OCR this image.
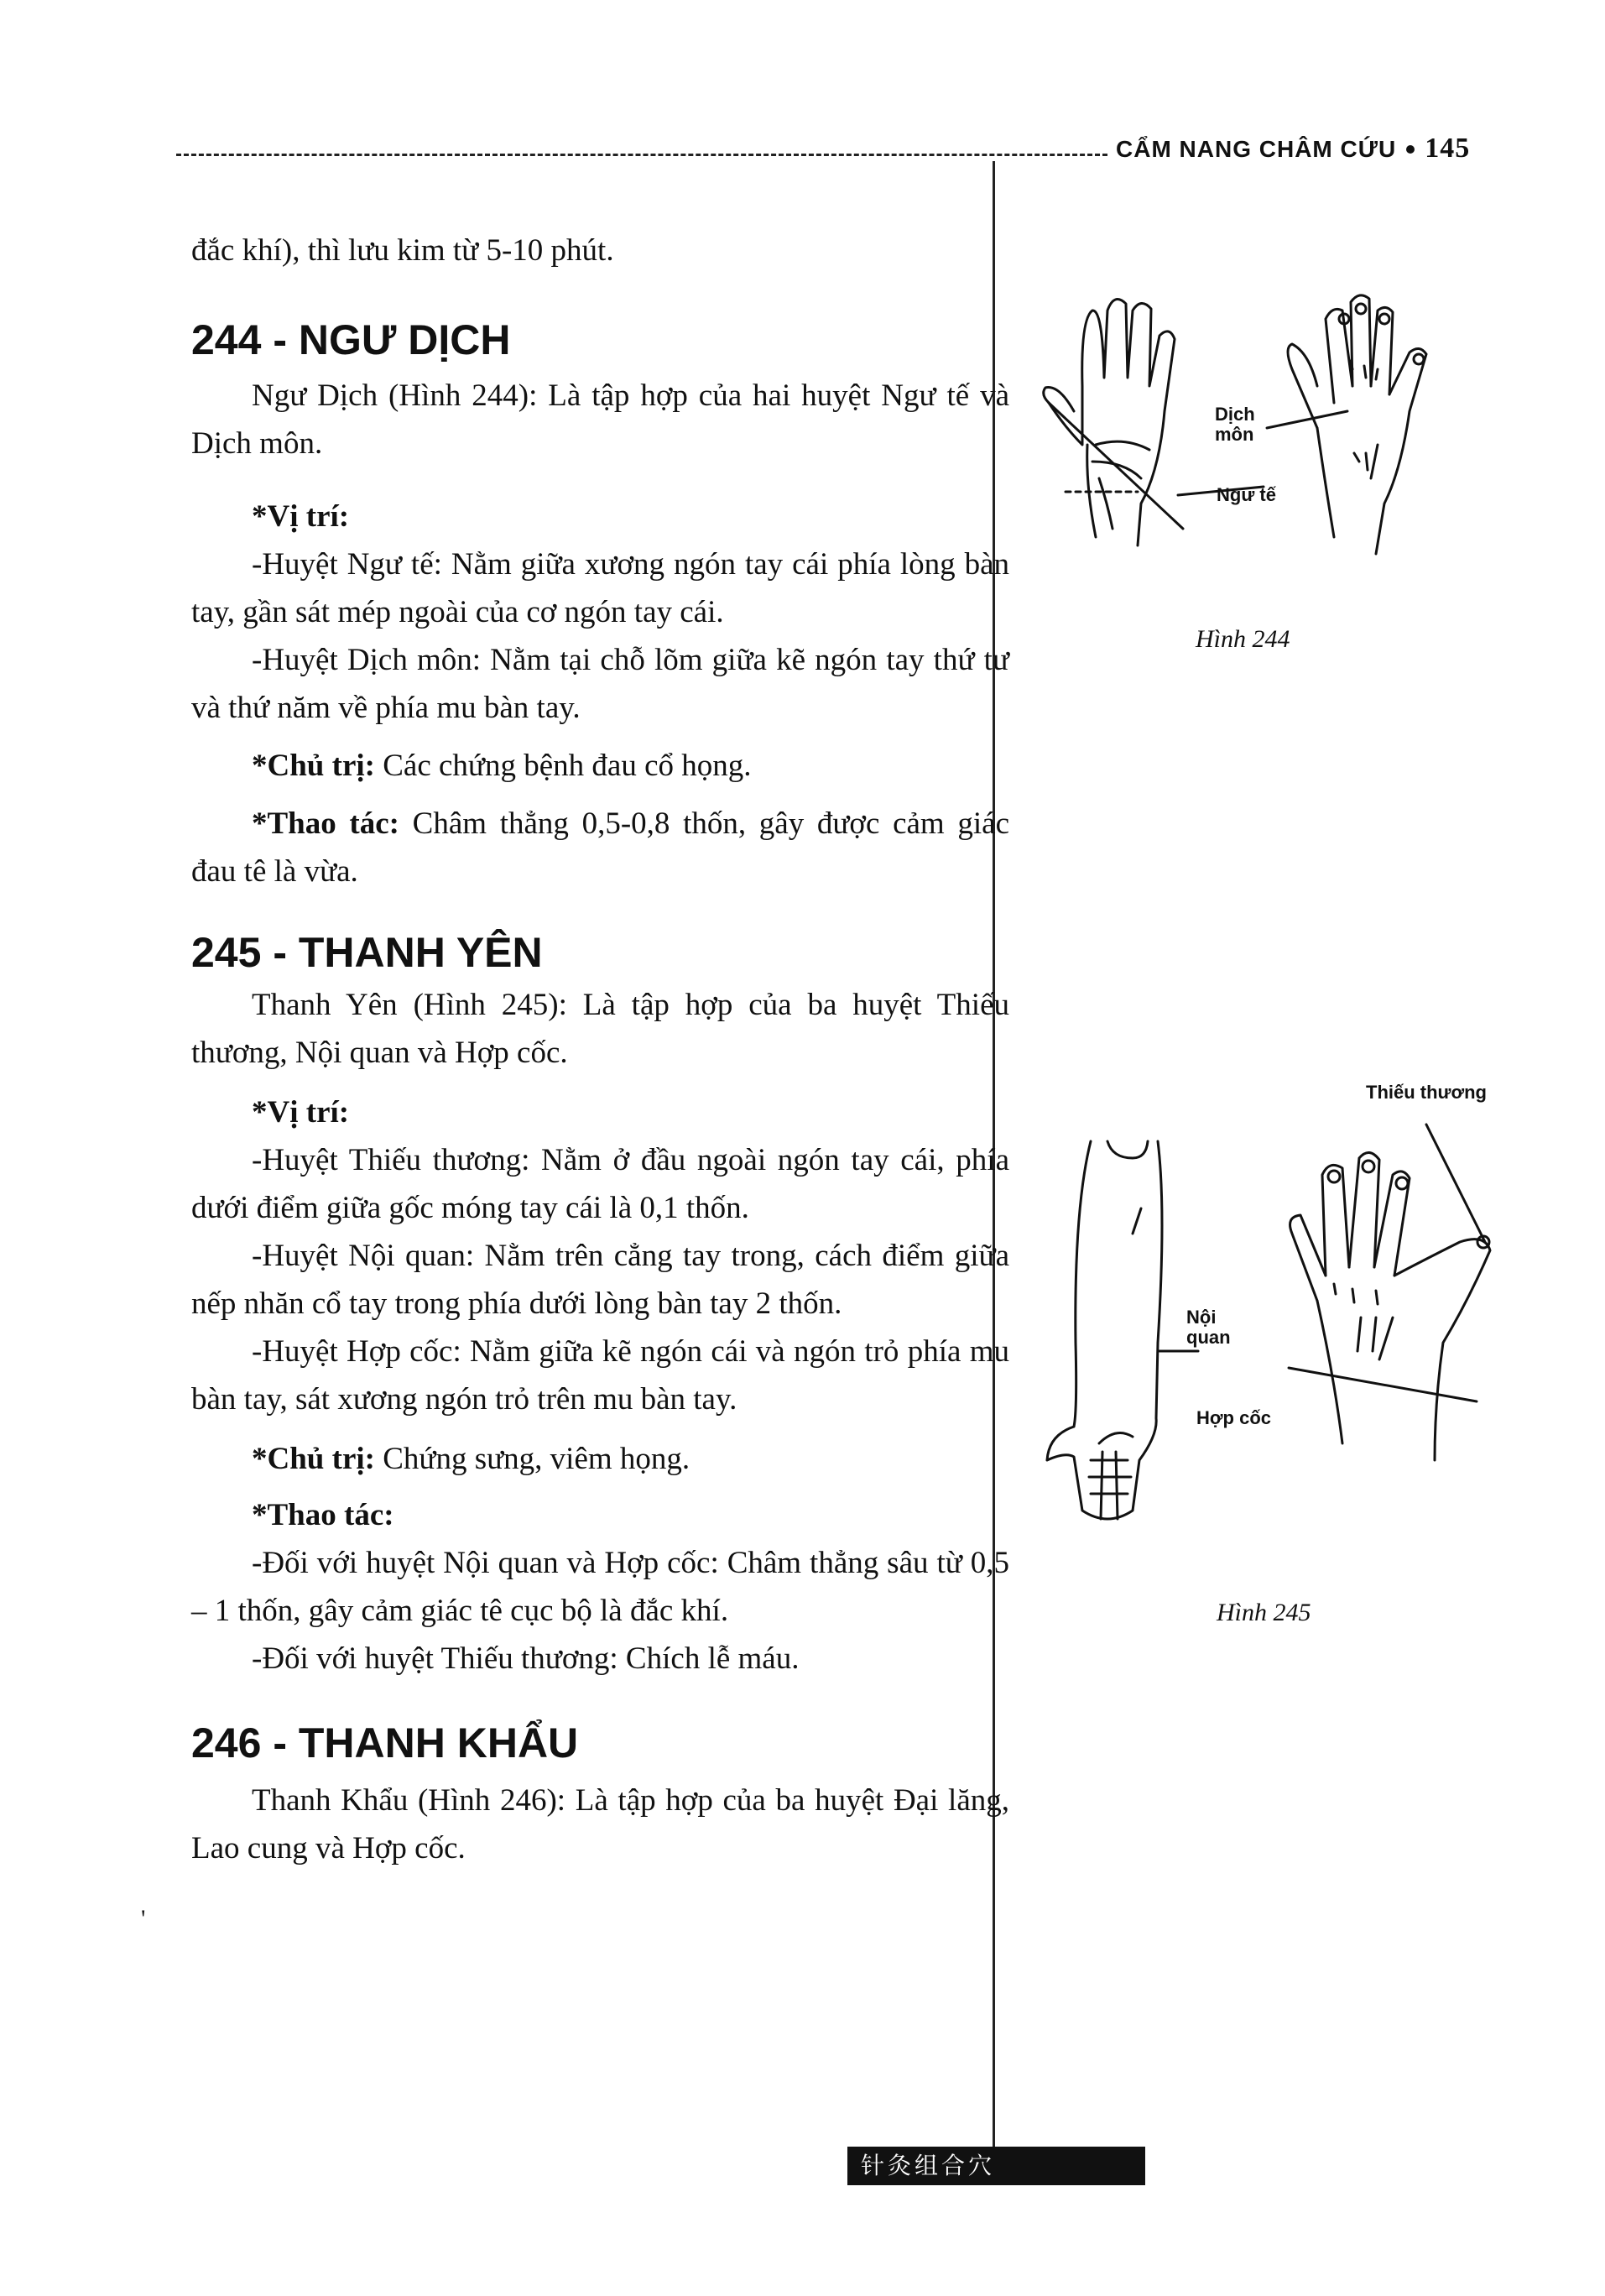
CẨM NANG CHÂM CỨU 145

đắc khí), thì lưu kim từ 5-10 phút.

244 - NGƯ DỊCH

Ngư Dịch (Hình 244): Là tập hợp của hai huyệt Ngư tế và Dịch môn.

*Vị trí:

-Huyệt Ngư tế: Nằm giữa xương ngón tay cái phía lòng bàn tay, gần sát mép ngoài của cơ ngón tay cái.

-Huyệt Dịch môn: Nằm tại chỗ lõm giữa kẽ ngón tay thứ tư và thứ năm về phía mu bàn tay.

*Chủ trị: Các chứng bệnh đau cổ họng.

*Thao tác: Châm thẳng 0,5-0,8 thốn, gây được cảm giác đau tê là vừa.

245 - THANH YÊN

Thanh Yên (Hình 245): Là tập hợp của ba huyệt Thiếu thương, Nội quan và Hợp cốc.

*Vị trí:

-Huyệt Thiếu thương: Nằm ở đầu ngoài ngón tay cái, phía dưới điểm giữa gốc móng tay cái là 0,1 thốn.

-Huyệt Nội quan: Nằm trên cẳng tay trong, cách điểm giữa nếp nhăn cổ tay trong phía dưới lòng bàn tay 2 thốn.

-Huyệt Hợp cốc: Nằm giữa kẽ ngón cái và ngón trỏ phía mu bàn tay, sát xương ngón trỏ trên mu bàn tay.

*Chủ trị: Chứng sưng, viêm họng.

*Thao tác:

-Đối với huyệt Nội quan và Hợp cốc: Châm thẳng sâu từ 0,5 – 1 thốn, gây cảm giác tê cục bộ là đắc khí.

-Đối với huyệt Thiếu thương: Chích lễ máu.

246 - THANH KHẨU

Thanh Khẩu (Hình 246): Là tập hợp của ba huyệt Đại lăng, Lao cung và Hợp cốc.

'
Dịch môn
Ngư tế
Hình 244
Thiếu thương
Nội quan
Hợp cốc
Hình 245
针灸组合穴
